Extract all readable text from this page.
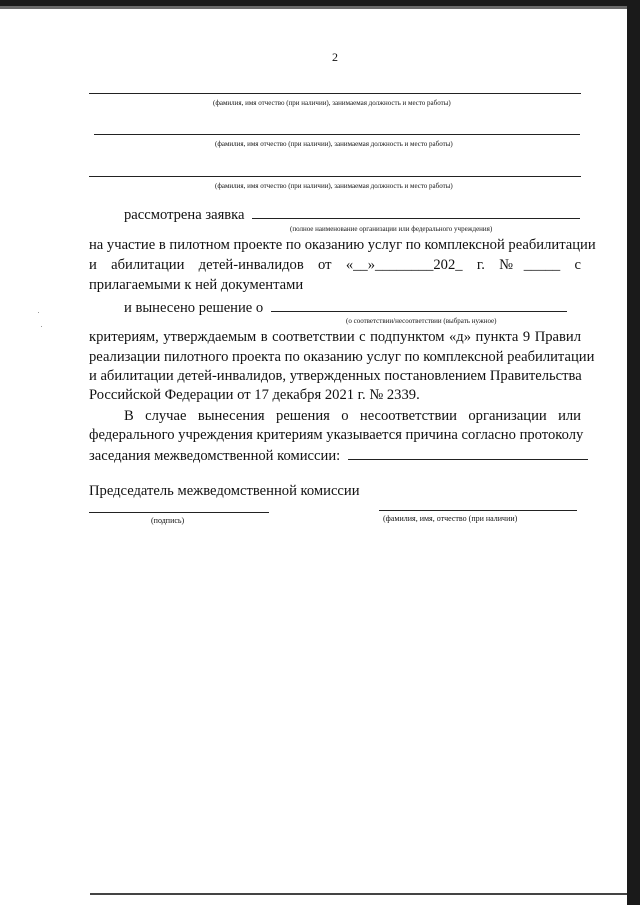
2
(фамилия, имя отчество (при наличии), занимаемая должность и место работы)
(фамилия, имя отчество (при наличии), занимаемая должность и место работы)
(фамилия, имя отчество (при наличии), занимаемая должность и место работы)
рассмотрена заявка
(полное наименование организации или федерального учреждения)
на участие в пилотном проекте по оказанию услуг по комплексной реабилитации
и абилитации детей-инвалидов от «__»________202_ г. №_____ с
прилагаемыми к ней документами
и вынесено решение о
(о соответствии/несоответствии (выбрать нужное)
критериям, утверждаемым в соответствии с подпунктом «д» пункта 9 Правил
реализации пилотного проекта по оказанию услуг по комплексной реабилитации
и абилитации детей-инвалидов, утвержденных постановлением Правительства
Российской Федерации от 17 декабря 2021 г. № 2339.
В случае вынесения решения о несоответствии организации или
федерального учреждения критериям указывается причина согласно протоколу
заседания межведомственной комиссии:
Председатель межведомственной комиссии
(подпись)	(фамилия, имя, отчество (при наличии)
